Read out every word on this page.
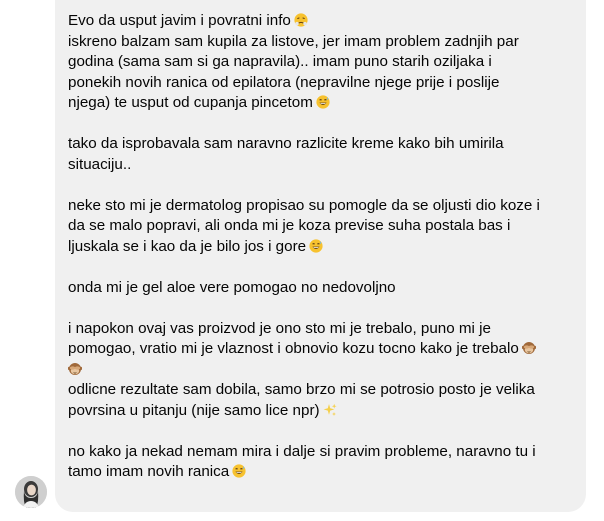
Evo da usput javim i povratni info
iskreno balzam sam kupila za listove, jer imam problem zadnjih par
godina (sama sam si ga napravila).. imam puno starih oziljaka i
ponekih novih ranica od epilatora (nepravilne njege prije i poslije
njega) te usput od cupanja pincetom
tako da isprobavala sam naravno razlicite kreme kako bih umirila
situaciju..
neke sto mi je dermatolog propisao su pomogle da se oljusti dio koze i
da se malo popravi, ali onda mi je koza previse suha postala bas i
ljuskala se i kao da je bilo jos i gore
onda mi je gel aloe vere pomogao no nedovoljno
i napokon ovaj vas proizvod je ono sto mi je trebalo, puno mi je
pomogao, vratio mi je vlaznost i obnovio kozu tocno kako je trebalo
odlicne rezultate sam dobila, samo brzo mi se potrosio posto je velika
povrsina u pitanju (nije samo lice npr)
no kako ja nekad nemam mira i dalje si pravim probleme, naravno tu i
tamo imam novih ranica
